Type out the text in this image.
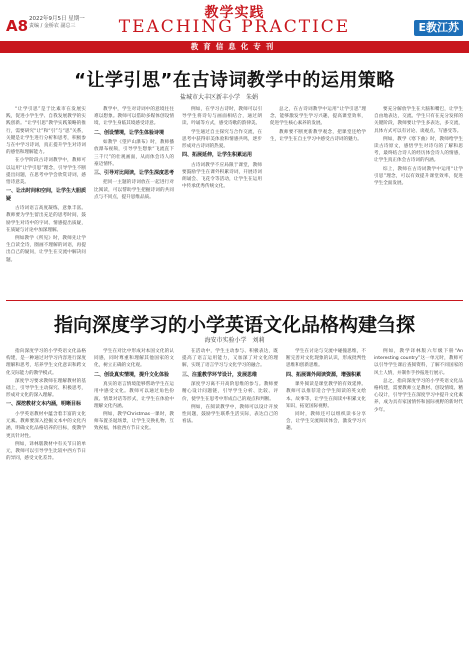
A8 2022年9月5日 星期一
责编 / 金桥农 副总三
教学实践
TEACHING PRACTICE
教育信息化专刊
E教江苏
“让学引思”在古诗词教学中的运用策略
盐城市大丰区新丰小学　朱娟

“让学引思”是于比素市在发展实践，促进小学生学、自我发展教学的实践创新。“让学引思”教学实践策略的推行，需要研究“让”和“引”与“思”关系，关键是让学生进行分析和思考，积极参与在中学习诗词，真正提升学生对诗词的感悟和理解能力。

在小学阶段古诗词教学中，教师可以运用“让学引思”理念，引导学生不断提出问题，在思考中学会欣赏诗词，感悟诗意美。

一、让出时间和空间，让学生大胆质疑

古诗词语言高度凝练，意象丰富。教师要为学生留出充足的思考时间，鼓励学生对诗中的字词、情感提出质疑，在质疑与讨论中加深理解。

例如教学《所见》时，教师先让学生自读全诗，圈画不理解的词语，再提出自己的疑问，让学生在交流中解决问题。

教学中，学生对诗词中的意境往往难以想象。教师可以借助多媒体创设情境，让学生身临其境感受诗意。

二、创设情境，让学生体验诗境

如教学《望庐山瀑布》时，教师播放瀑布视频，引导学生想象“飞流直下三千尺”的壮观画面，从而体会诗人的豪迈情怀。

三、引导对比阅读，让学生深度思考

把同一主题的诗词放在一起进行对比阅读，可以帮助学生把握诗词的共同点与不同点，提升思维品质。

例如，在学习古诗时，教师可以引导学生将诗句与画面相结合，通过朗读、吟诵等方式，感受诗歌的韵律美。

学生通过自主探究与合作交流，在思考中获得审美体验和情感共鸣，逐步形成对古诗词的热爱。

四、拓展延伸，让学生积累运用

古诗词教学不应局限于课堂，教师要鼓励学生在课外积累诗词，开展诗词朗诵会、飞花令等活动，让学生在运用中传承优秀传统文化。

总之，在古诗词教学中运用“让学引思”理念，能够激发学生学习兴趣，提高课堂效率，促进学生核心素养的发展。

教师要不断更新教学观念，把课堂还给学生，让学生在自主学习中感受古诗词的魅力。

要充分解放学生在大脑和嘴巴，让学生自由地表达，交流。学生只有在充分发挥的关键阶段，教师要让学生多表达，多交流，具体方式可以有讨论、谈观点、写感受等。

例如，教学《寒下曲》时，教师给学生读古诗原文，感悟学生对诗句的了解和思考，最终结合诗人的经历体会诗人的情感，让学生真正体会古诗词的内涵。

综上，教师在古诗词教学中运用“让学引思”理念，可以有效提升课堂效率，促进学生全面发展。

指向深度学习的小学英语文化品格构建刍探
海安市实验小学　刘莉

指向深度学习的小学英语文化品格构建，是一种通过对学习内容进行深度理解和思考，培养学生文化意识和跨文化交际能力的教学模式。

深度学习要求教师在理解教材的基础上，引导学生主动探究、积极思考，形成对文化的深入理解。

一、深挖教材文本内涵，明晰目标

小学英语教材中蕴含着丰富的文化元素。教师要深入挖掘文本中的文化内涵，明确文化品格培养的目标，使教学更具针对性。

例如，译林版教材中有关节日的单元，教师可以引导学生比较中西方节日的异同，感受文化差异。

学生在对比中形成对本国文化的认同感，同时尊重和理解其他国家的文化，树立正确的文化观。

二、创设真实情境，提升文化体验

真实的语言情境能够帮助学生在运用中感受文化。教师可以通过角色扮演、情景对话等形式，让学生在体验中理解文化内涵。

例如，教学Christmas一课时，教师布置圣诞场景，让学生交换礼物、互致祝福，体验西方节日文化。

在活动中，学生主动参与、积极表达，既提高了语言运用能力，又加深了对文化的理解，实现了语言学习与文化学习的融合。

三、注重教学环节设计，发展思维

深度学习离不开高阶思维的参与。教师要精心设计问题链，引导学生分析、比较、评价，使学生在思考中形成自己的观点和判断。

例如，在阅读教学中，教师可以设计开放性问题，鼓励学生联系生活实际，表达自己的看法。

学生在讨论与交流中碰撞思维，不断完善对文化现象的认识，形成批判性思维和创新思维。

四、拓展课外阅读资源，增强积累

课外阅读是课堂教学的有效延伸。教师可以推荐适合学生阅读的英文绘本、故事等，让学生在阅读中积累文化知识，拓宽国际视野。

同时，教师还可以组织读书分享会，让学生交流阅读体会，激发学习兴趣。

例如，教学译林版六年级下册“An interesting country”这一单元时，教师可以引导学生课后查阅资料，了解不同国家的风土人情，并制作手抄报进行展示。

总之，指向深度学习的小学英语文化品格构建，需要教师立足教材、创设情境、精心设计，引导学生在深度学习中提升文化素养，成为具有家国情怀和国际视野的新时代少年。
